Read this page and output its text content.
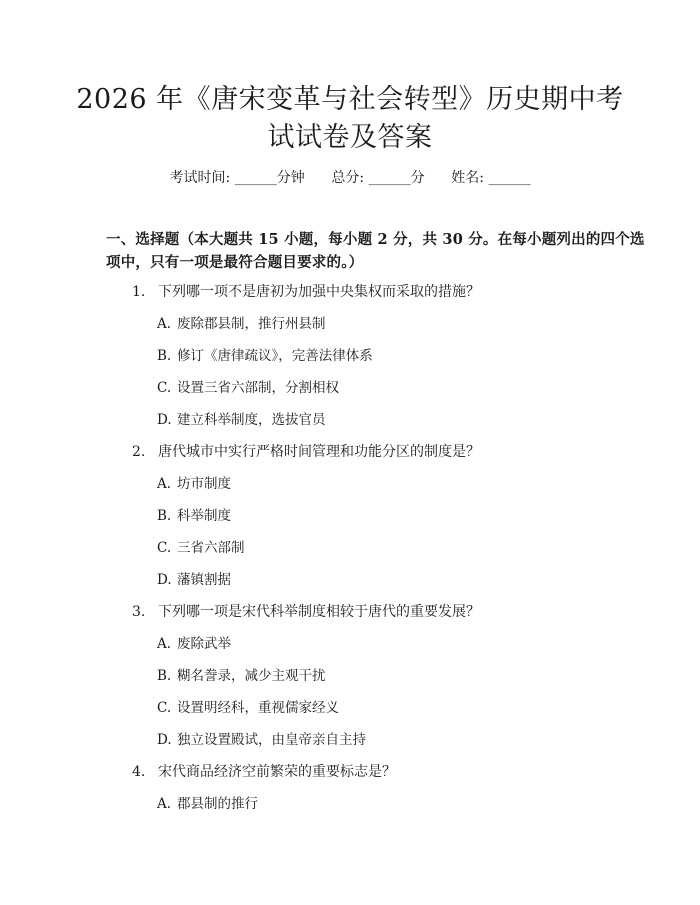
2026 年《唐宋变革与社会转型》历史期中考
试试卷及答案
考试时间: ______分钟      总分: ______分      姓名: ______
一、选择题（本大题共 15 小题，每小题 2 分，共 30 分。在每小题列出的四个选
项中，只有一项是最符合题目要求的。）
1. 下列哪一项不是唐初为加强中央集权而采取的措施？
A. 废除郡县制，推行州县制
B. 修订《唐律疏议》，完善法律体系
C. 设置三省六部制，分割相权
D. 建立科举制度，选拔官员
2. 唐代城市中实行严格时间管理和功能分区的制度是？
A. 坊市制度
B. 科举制度
C. 三省六部制
D. 藩镇割据
3. 下列哪一项是宋代科举制度相较于唐代的重要发展？
A. 废除武举
B. 糊名誊录，减少主观干扰
C. 设置明经科，重视儒家经义
D. 独立设置殿试，由皇帝亲自主持
4. 宋代商品经济空前繁荣的重要标志是？
A. 郡县制的推行
